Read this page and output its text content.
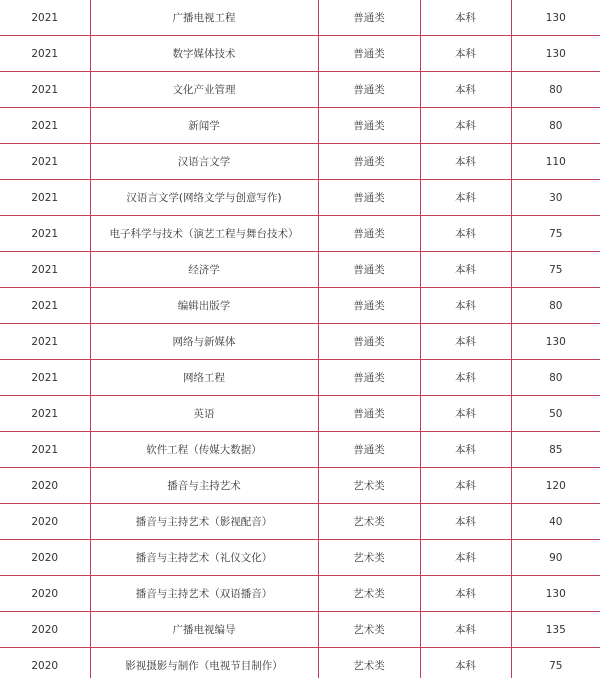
2021	广播电视工程	普通类	本科	130
2021	数字媒体技术	普通类	本科	130
2021	文化产业管理	普通类	本科	80
2021	新闻学	普通类	本科	80
2021	汉语言文学	普通类	本科	110
2021	汉语言文学(网络文学与创意写作)	普通类	本科	30
2021	电子科学与技术（演艺工程与舞台技术）	普通类	本科	75
2021	经济学	普通类	本科	75
2021	编辑出版学	普通类	本科	80
2021	网络与新媒体	普通类	本科	130
2021	网络工程	普通类	本科	80
2021	英语	普通类	本科	50
2021	软件工程（传媒大数据）	普通类	本科	85
2020	播音与主持艺术	艺术类	本科	120
2020	播音与主持艺术（影视配音）	艺术类	本科	40
2020	播音与主持艺术（礼仪文化）	艺术类	本科	90
2020	播音与主持艺术（双语播音）	艺术类	本科	130
2020	广播电视编导	艺术类	本科	135
2020	影视摄影与制作（电视节目制作）	艺术类	本科	75
